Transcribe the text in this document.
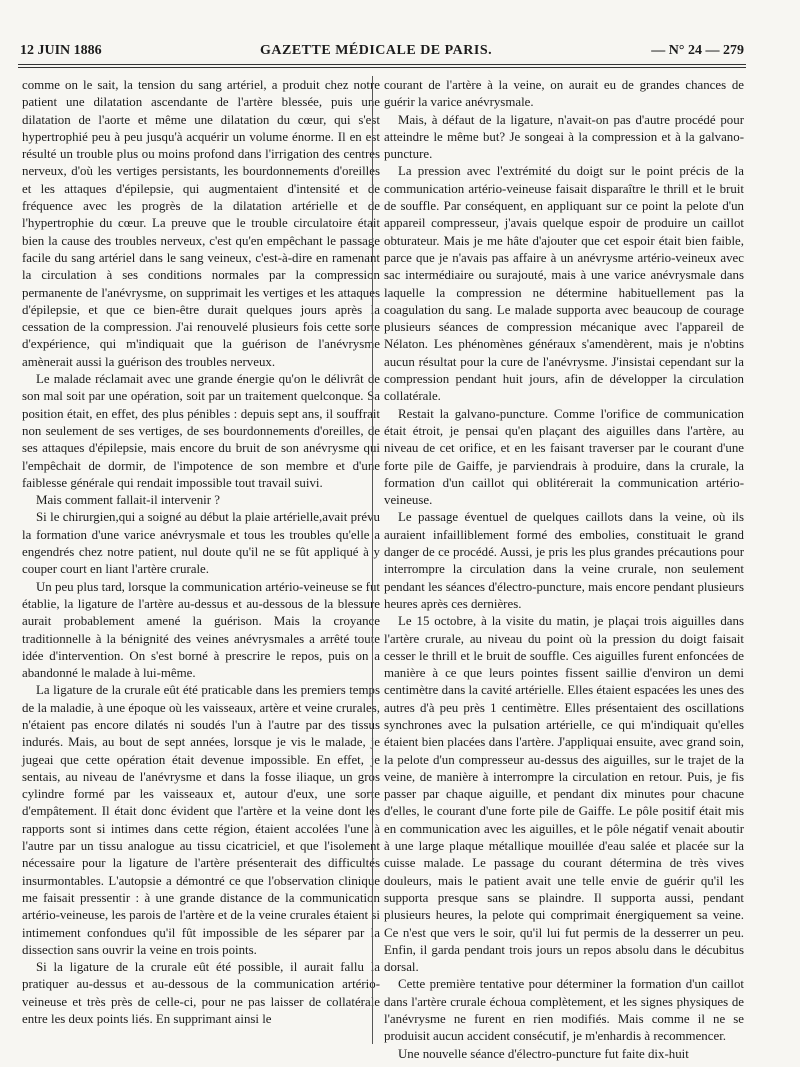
12 JUIN 1886	GAZETTE MÉDICALE DE PARIS.	— N° 24 — 279

comme on le sait, la tension du sang artériel, a produit chez notre patient une dilatation ascendante de l'artère blessée, puis une dilatation de l'aorte et même une dilatation du cœur, qui s'est hypertrophié peu à peu jusqu'à acquérir un volume énorme. Il en est résulté un trouble plus ou moins profond dans l'irrigation des centres nerveux, d'où les vertiges persistants, les bourdonnements d'oreilles et les attaques d'épilepsie, qui augmentaient d'intensité et de fréquence avec les progrès de la dilatation artérielle et de l'hypertrophie du cœur. La preuve que le trouble circulatoire était bien la cause des troubles nerveux, c'est qu'en empêchant le passage facile du sang artériel dans le sang veineux, c'est-à-dire en ramenant la circulation à ses conditions normales par la compression permanente de l'anévrysme, on supprimait les vertiges et les attaques d'épilepsie, et que ce bien-être durait quelques jours après la cessation de la compression. J'ai renouvelé plusieurs fois cette sorte d'expérience, qui m'indiquait que la guérison de l'anévrysme amènerait aussi la guérison des troubles nerveux.

Le malade réclamait avec une grande énergie qu'on le délivrât de son mal soit par une opération, soit par un traitement quelconque. Sa position était, en effet, des plus pénibles : depuis sept ans, il souffrait non seulement de ses vertiges, de ses bourdonnements d'oreilles, de ses attaques d'épilepsie, mais encore du bruit de son anévrysme qui l'empêchait de dormir, de l'impotence de son membre et d'une faiblesse générale qui rendait impossible tout travail suivi.

Mais comment fallait-il intervenir ?

Si le chirurgien,qui a soigné au début la plaie artérielle,avait prévu la formation d'une varice anévrysmale et tous les troubles qu'elle a engendrés chez notre patient, nul doute qu'il ne se fût appliqué à y couper court en liant l'artère crurale.

Un peu plus tard, lorsque la communication artério-veineuse se fut établie, la ligature de l'artère au-dessus et au-dessous de la blessure aurait probablement amené la guérison. Mais la croyance traditionnelle à la bénignité des veines anévrysmales a arrêté toute idée d'intervention. On s'est borné à prescrire le repos, puis on a abandonné le malade à lui-même.

La ligature de la crurale eût été praticable dans les premiers temps de la maladie, à une époque où les vaisseaux, artère et veine crurales, n'étaient pas encore dilatés ni soudés l'un à l'autre par des tissus indurés. Mais, au bout de sept années, lorsque je vis le malade, je jugeai que cette opération était devenue impossible. En effet, je sentais, au niveau de l'anévrysme et dans la fosse iliaque, un gros cylindre formé par les vaisseaux et, autour d'eux, une sorte d'empâtement. Il était donc évident que l'artère et la veine dont les rapports sont si intimes dans cette région, étaient accolées l'une à l'autre par un tissu analogue au tissu cicatriciel, et que l'isolement nécessaire pour la ligature de l'artère présenterait des difficultés insurmontables. L'autopsie a démontré ce que l'observation clinique me faisait pressentir : à une grande distance de la communication artério-veineuse, les parois de l'artère et de la veine crurales étaient si intimement confondues qu'il fût impossible de les séparer par la dissection sans ouvrir la veine en trois points.

Si la ligature de la crurale eût été possible, il aurait fallu la pratiquer au-dessus et au-dessous de la communication artério-veineuse et très près de celle-ci, pour ne pas laisser de collatérale entre les deux points liés. En supprimant ainsi le

courant de l'artère à la veine, on aurait eu de grandes chances de guérir la varice anévrysmale.

Mais, à défaut de la ligature, n'avait-on pas d'autre procédé pour atteindre le même but? Je songeai à la compression et à la galvano-puncture.

La pression avec l'extrémité du doigt sur le point précis de la communication artério-veineuse faisait disparaître le thrill et le bruit de souffle. Par conséquent, en appliquant sur ce point la pelote d'un appareil compresseur, j'avais quelque espoir de produire un caillot obturateur. Mais je me hâte d'ajouter que cet espoir était bien faible, parce que je n'avais pas affaire à un anévrysme artério-veineux avec sac intermédiaire ou surajouté, mais à une varice anévrysmale dans laquelle la compression ne détermine habituellement pas la coagulation du sang. Le malade supporta avec beaucoup de courage plusieurs séances de compression mécanique avec l'appareil de Nélaton. Les phénomènes généraux s'amendèrent, mais je n'obtins aucun résultat pour la cure de l'anévrysme. J'insistai cependant sur la compression pendant huit jours, afin de développer la circulation collatérale.

Restait la galvano-puncture. Comme l'orifice de communication était étroit, je pensai qu'en plaçant des aiguilles dans l'artère, au niveau de cet orifice, et en les faisant traverser par le courant d'une forte pile de Gaiffe, je parviendrais à produire, dans la crurale, la formation d'un caillot qui oblitérerait la communication artério-veineuse.

Le passage éventuel de quelques caillots dans la veine, où ils auraient infailliblement formé des embolies, constituait le grand danger de ce procédé. Aussi, je pris les plus grandes précautions pour interrompre la circulation dans la veine crurale, non seulement pendant les séances d'électro-puncture, mais encore pendant plusieurs heures après ces dernières.

Le 15 octobre, à la visite du matin, je plaçai trois aiguilles dans l'artère crurale, au niveau du point où la pression du doigt faisait cesser le thrill et le bruit de souffle. Ces aiguilles furent enfoncées de manière à ce que leurs pointes fissent saillie d'environ un demi centimètre dans la cavité artérielle. Elles étaient espacées les unes des autres d'à peu près 1 centimètre. Elles présentaient des oscillations synchrones avec la pulsation artérielle, ce qui m'indiquait qu'elles étaient bien placées dans l'artère. J'appliquai ensuite, avec grand soin, la pelote d'un compresseur au-dessus des aiguilles, sur le trajet de la veine, de manière à interrompre la circulation en retour. Puis, je fis passer par chaque aiguille, et pendant dix minutes pour chacune d'elles, le courant d'une forte pile de Gaiffe. Le pôle positif était mis en communication avec les aiguilles, et le pôle négatif venait aboutir à une large plaque métallique mouillée d'eau salée et placée sur la cuisse malade. Le passage du courant détermina de très vives douleurs, mais le patient avait une telle envie de guérir qu'il les supporta presque sans se plaindre. Il supporta aussi, pendant plusieurs heures, la pelote qui comprimait énergiquement sa veine. Ce n'est que vers le soir, qu'il lui fut permis de la desserrer un peu. Enfin, il garda pendant trois jours un repos absolu dans le décubitus dorsal.

Cette première tentative pour déterminer la formation d'un caillot dans l'artère crurale échoua complètement, et les signes physiques de l'anévrysme ne furent en rien modifiés. Mais comme il ne se produisit aucun accident consécutif, je m'enhardis à recommencer.

Une nouvelle séance d'électro-puncture fut faite dix-huit
